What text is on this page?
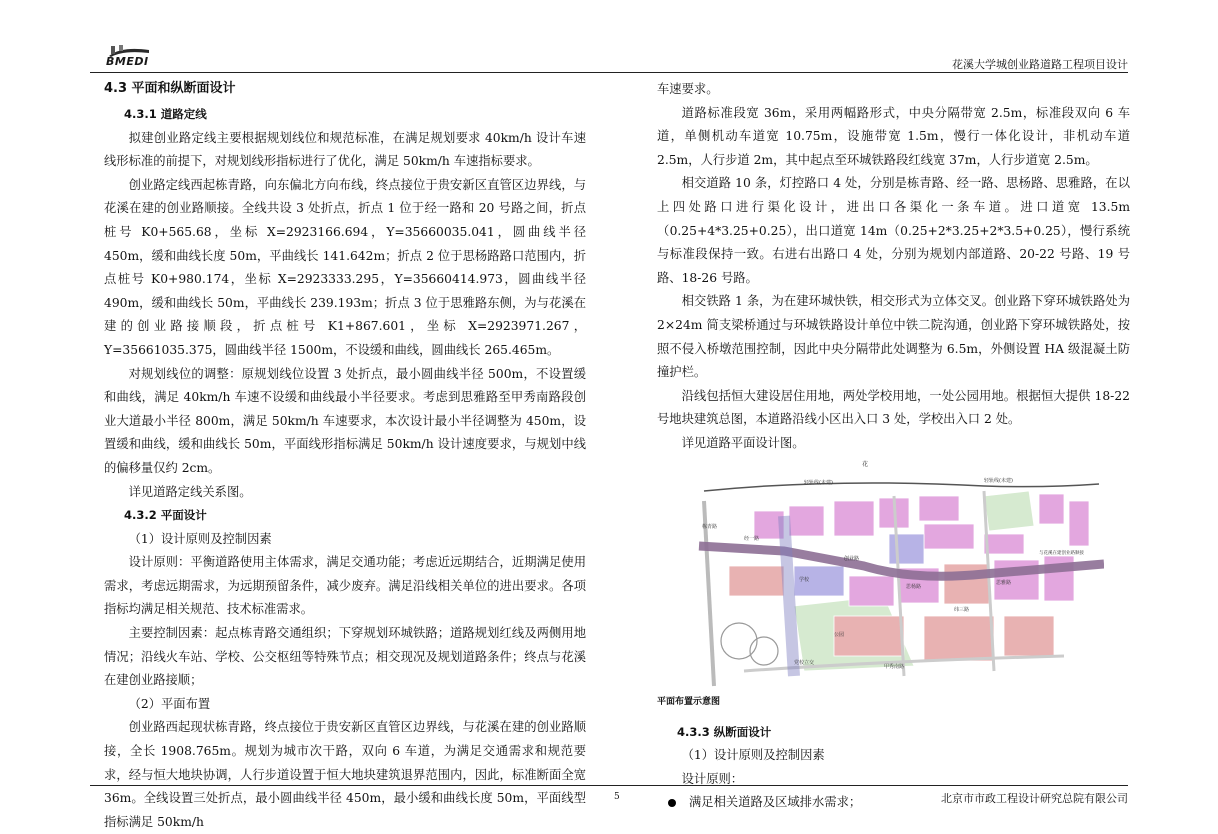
BMEDI	花溪大学城创业路道路工程项目设计
4.3 平面和纵断面设计
4.3.1 道路定线

拟建创业路定线主要根据规划线位和规范标准，在满足规划要求 40km/h 设计车速线形标准的前提下，对规划线形指标进行了优化，满足 50km/h 车速指标要求。

创业路定线西起栋青路，向东偏北方向布线，终点接位于贵安新区直管区边界线，与花溪在建的创业路顺接。全线共设 3 处折点，折点 1 位于经一路和 20 号路之间，折点桩号 K0+565.68，坐标 X=2923166.694，Y=35660035.041，圆曲线半径 450m，缓和曲线长度 50m，平曲线长 141.642m；折点 2 位于思杨路路口范围内，折点桩号 K0+980.174，坐标 X=2923333.295，Y=35660414.973，圆曲线半径 490m，缓和曲线长 50m，平曲线长 239.193m；折点 3 位于思雅路东侧，为与花溪在建的创业路接顺段，折点桩号 K1+867.601，坐标 X=2923971.267，Y=35661035.375，圆曲线半径 1500m，不设缓和曲线，圆曲线长 265.465m。

对规划线位的调整：原规划线位设置 3 处折点，最小圆曲线半径 500m，不设置缓和曲线，满足 40km/h 车速不设缓和曲线最小半径要求。考虑到思雅路至甲秀南路段创业大道最小半径 800m，满足 50km/h 车速要求，本次设计最小半径调整为 450m，设置缓和曲线，缓和曲线长 50m，平面线形指标满足 50km/h 设计速度要求，与规划中线的偏移量仅约 2cm。

详见道路定线关系图。

4.3.2 平面设计

（1）设计原则及控制因素

设计原则：平衡道路使用主体需求，满足交通功能；考虑近远期结合，近期满足使用需求，考虑远期需求，为远期预留条件，减少废弃。满足沿线相关单位的进出要求。各项指标均满足相关规范、技术标准需求。

主要控制因素：起点栋青路交通组织；下穿规划环城铁路；道路规划红线及两侧用地情况；沿线火车站、学校、公交枢纽等特殊节点；相交现况及规划道路条件；终点与花溪在建创业路接顺；

（2）平面布置

创业路西起现状栋青路，终点接位于贵安新区直管区边界线，与花溪在建的创业路顺接，全长 1908.765m。规划为城市次干路，双向 6 车道，为满足交通需求和规范要求，经与恒大地块协调，人行步道设置于恒大地块建筑退界范围内，因此，标准断面全宽 36m。全线设置三处折点，最小圆曲线半径 450m，最小缓和曲线长度 50m，平面线型指标满足 50km/h

车速要求。

道路标准段宽 36m，采用两幅路形式，中央分隔带宽 2.5m，标准段双向 6 车道，单侧机动车道宽 10.75m，设施带宽 1.5m，慢行一体化设计，非机动车道 2.5m，人行步道 2m，其中起点至环城铁路段红线宽 37m，人行步道宽 2.5m。

相交道路 10 条，灯控路口 4 处，分别是栋青路、经一路、思杨路、思雅路，在以上四处路口进行渠化设计，进出口各渠化一条车道。进口道宽 13.5m（0.25+4*3.25+0.25），出口道宽 14m（0.25+2*3.25+2*3.5+0.25），慢行系统与标准段保持一致。右进右出路口 4 处，分别为规划内部道路、20-22 号路、19 号路、18-26 号路。

相交铁路 1 条，为在建环城快铁，相交形式为立体交叉。创业路下穿环城铁路处为 2×24m 简支梁桥通过与环城铁路设计单位中铁二院沟通，创业路下穿环城铁路处，按照不侵入桥墩范围控制，因此中央分隔带此处调整为 6.5m，外侧设置 HA 级混凝土防撞护栏。

沿线包括恒大建设居住用地，两处学校用地，一处公园用地。根据恒大提供 18-22 号地块建筑总图，本道路沿线小区出入口 3 处，学校出入口 2 处。

详见道路平面设计图。

花
轻轨线(未建)	轻轨线(未建)
栋青路
经一路
创业路
思杨路
思雅路
纬三路
甲秀南路
公园
学校
党校立交
与花溪在建创业路顺接

平面布置示意图

4.3.3 纵断面设计

（1）设计原则及控制因素

设计原则：

满足相关道路及区域排水需求；

5	北京市市政工程设计研究总院有限公司
